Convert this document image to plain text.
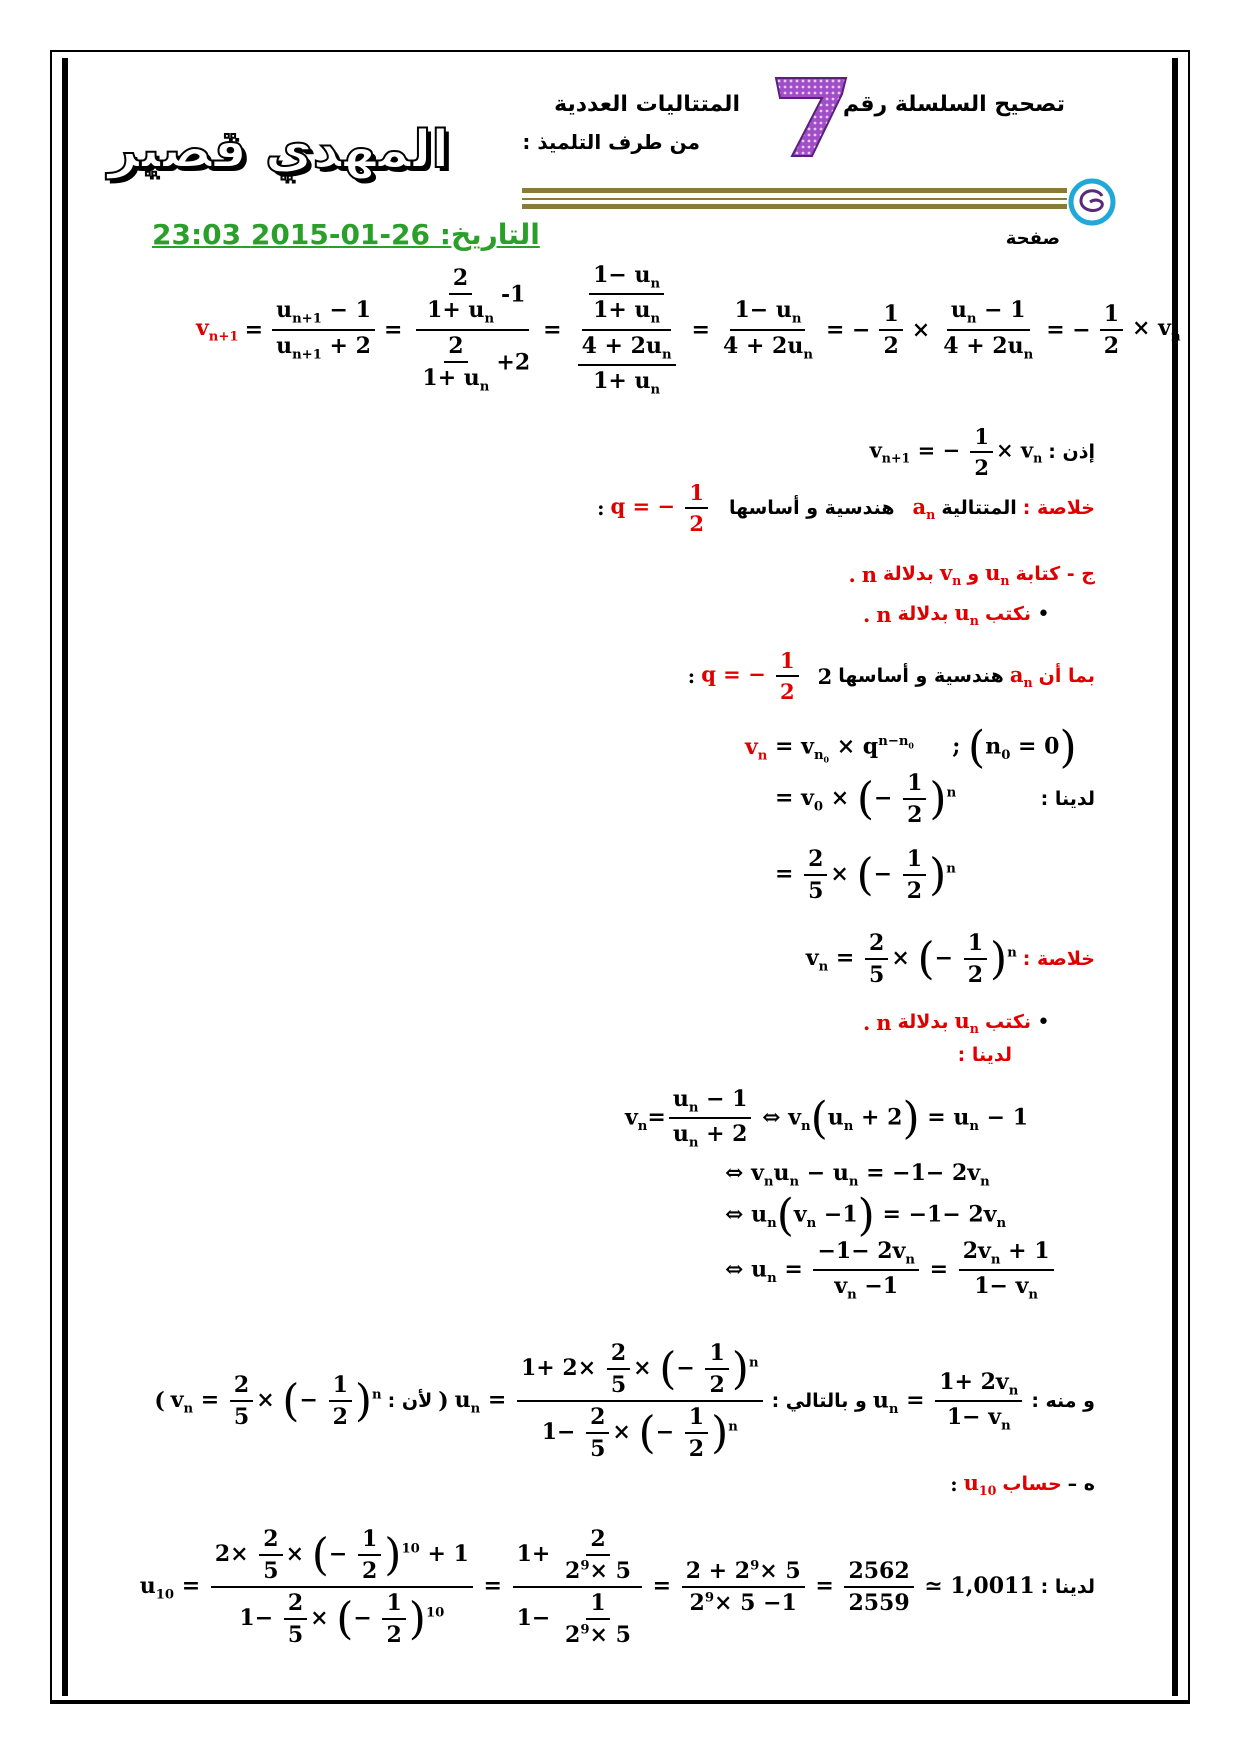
تصحيح السلسلة رقم
المتتاليات العددية
من طرف التلميذ :
المهدي قصير
صفحة
التاريخ: 26-01-2015 23:03
$v_{n+1} = \frac{u_{n+1} - 1}{u_{n+1} + 2} = \frac{\frac{2}{1+ u_n} -1}{\frac{2}{1+ u_n} +2} = \frac{\frac{1- u_n}{1+ u_n}}{\frac{4 + 2u_n}{1+ u_n}} = \frac{1- u_n}{4 + 2u_n}$ = − $\frac{1}{2} \times \frac{u_n - 1}{4 + 2u_n}$ = − $\frac{1}{2} \times v_n$
إذن :
$v_{n+1}$ = − $\frac{1}{2} \times v_n$
خلاصة :
المتتالية
$a_n$
هندسية و أساسها
q = − $\frac{1}{2}$
:
ج - كتابة
$u_n$
و
$v_n$
بدلالة
n
.
•
نكتب
$u_n$
بدلالة
n
.
بما أن
$a_n$
هندسية و أساسها
2
q = − $\frac{1}{2}$
:
$v_n = v_{n_0} \times q^{n-n_0}$     ; $(n_0 = 0)$
لدينا :
= $v_0$ × (− $\frac{1}{2} )^n$
= $\frac{2}{5}$ × (− $\frac{1}{2} )^n$
خلاصة :
$v_n = \frac{2}{5}$ × (− $\frac{1}{2} )^n$
•
نكتب
$u_n$
بدلالة
n
.
لدينا :
$v_n= \frac{u_n - 1}{u_n + 2}$ ⇔ $v_n(u_n + 2) = u_n - 1$
⇔ $v_nu_n - u_n = -1- 2v_n$
⇔ $u_n(v_n -1) = -1- 2v_n$
⇔ $u_n = \frac{-1- 2v_n}{v_n -1} = \frac{2v_n + 1}{1- v_n}$
و منه :
$u_n = \frac{1+ 2v_n}{1- v_n}$
و بالتالي :
$u_n = \frac{1+ 2\times \frac{2}{5} \times (- \frac{1}{2} )^n}{1- \frac{2}{5} \times (- \frac{1}{2} )^n}$
(
لأن :
$v_n = \frac{2}{5}$ × (− $\frac{1}{2} )^n$
)
ه –
حساب
$u_{10}$
:
لدينا :
$u_{10} = \frac{2\times \frac{2}{5} \times (- \frac{1}{2} )^{10} + 1}{1- \frac{2}{5} \times (- \frac{1}{2} )^{10}} = \frac{1+ \frac{2}{2^9\times 5}}{1- \frac{1}{2^9\times 5}} = \frac{2 + 2^9\times 5}{2^9\times 5 -1} = \frac{2562}{2559}$ ≃ 1,0011
